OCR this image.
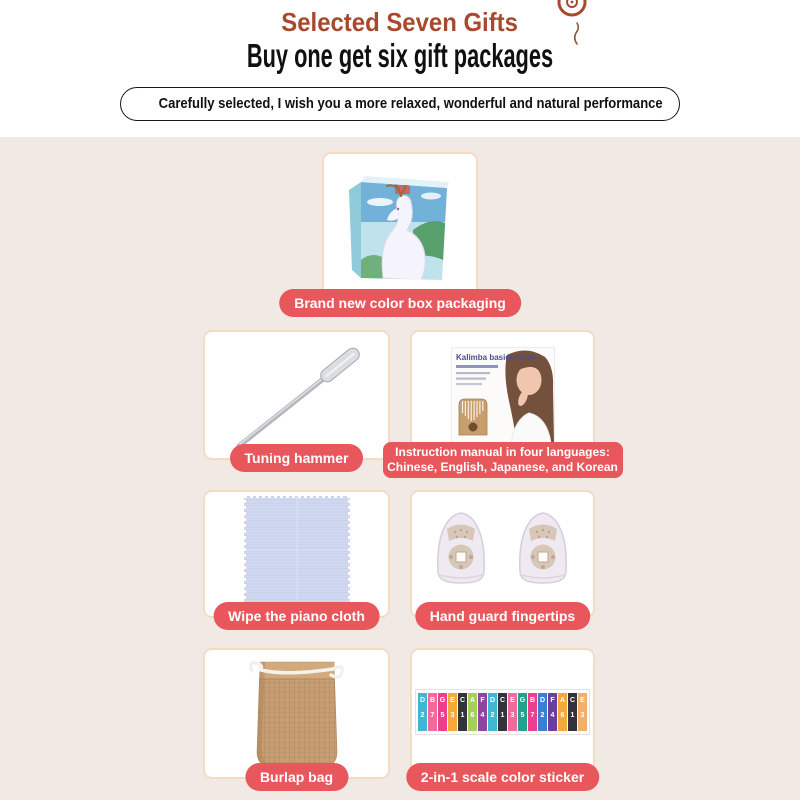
Selected Seven Gifts
Buy one get six gift packages
Carefully selected, I wish you a more relaxed, wonderful and natural performance
Brand new color box packaging
Tuning hammer
Kalimba basiccourse
Instruction manual in four languages: Chinese, English, Japanese, and Korean
Wipe the piano cloth	Hand guard fingertips
Burlap bag
D
2
B
7
G
5
E
3
C
1
A
6
F
4
D
2
C
1
E
3
G
5
B
7
D
2
F
4
A
6
C
1
E
3
2-in-1 scale color sticker
